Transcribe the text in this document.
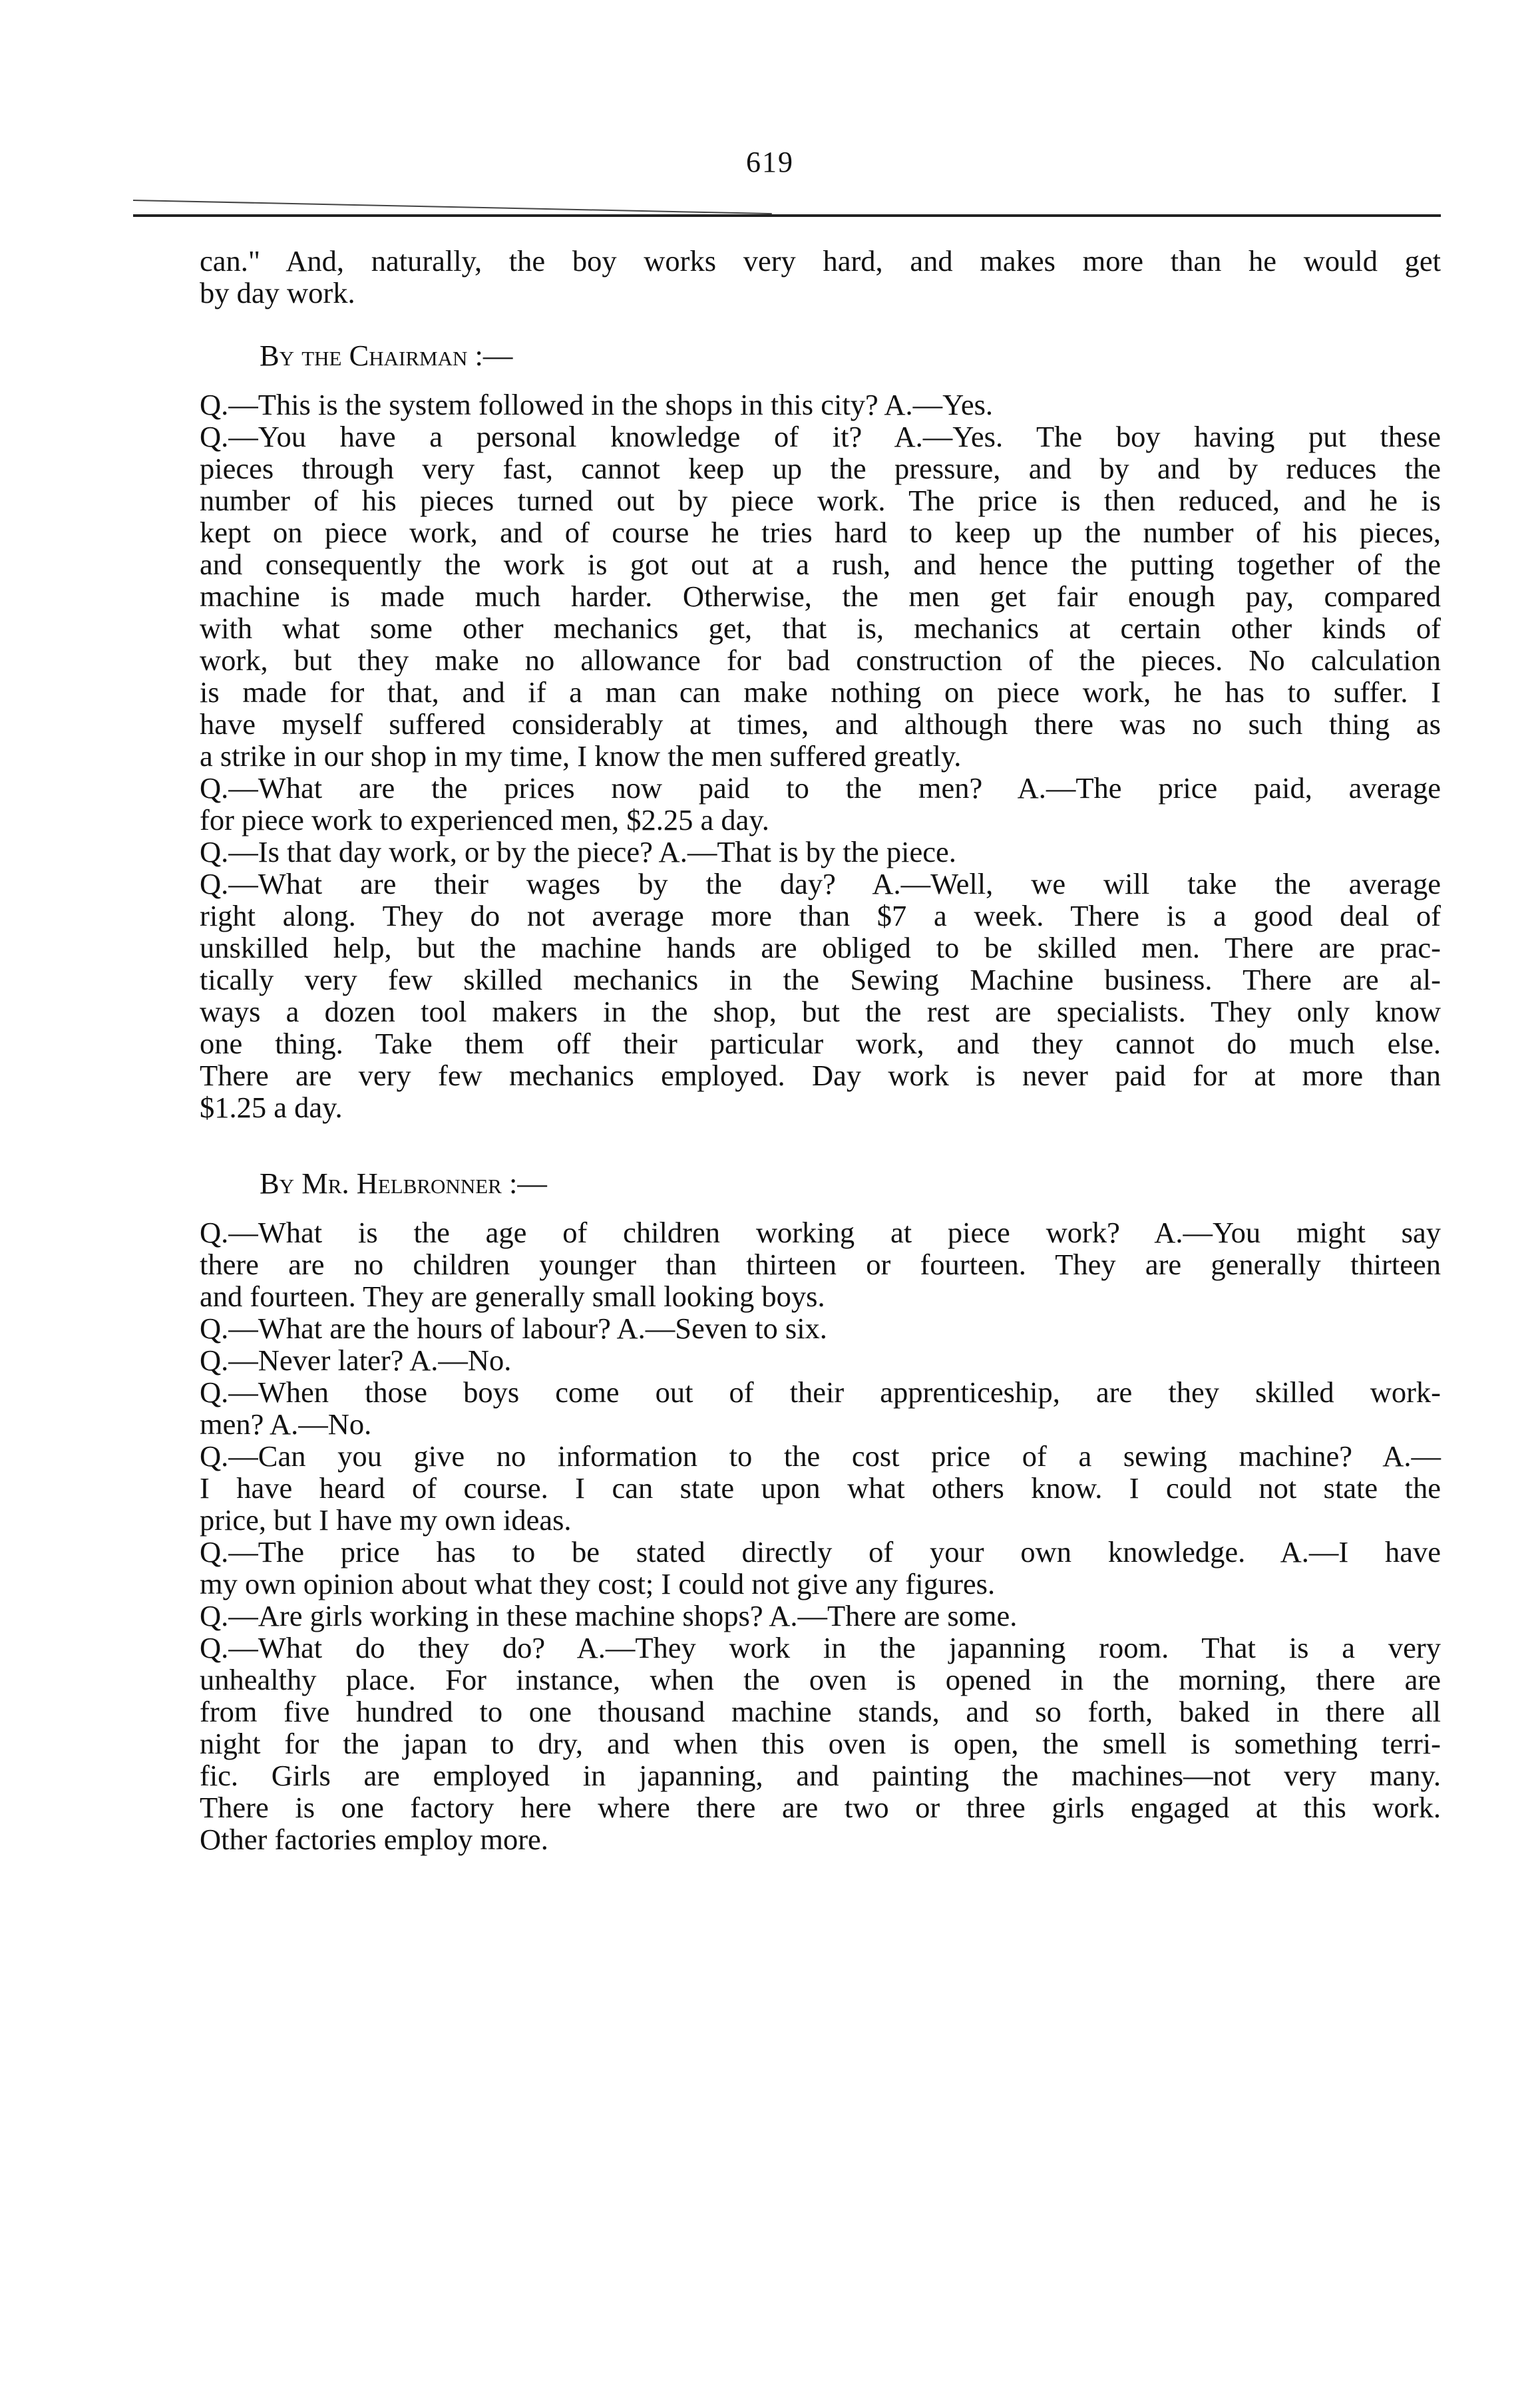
619
can." And, naturally, the boy works very hard, and makes more than he would get
by day work.
By the Chairman :—
Q.—This is the system followed in the shops in this city? A.—Yes.
Q.—You have a personal knowledge of it? A.—Yes. The boy having put these
pieces through very fast, cannot keep up the pressure, and by and by reduces the
number of his pieces turned out by piece work. The price is then reduced, and he is
kept on piece work, and of course he tries hard to keep up the number of his pieces,
and consequently the work is got out at a rush, and hence the putting together of the
machine is made much harder. Otherwise, the men get fair enough pay, compared
with what some other mechanics get, that is, mechanics at certain other kinds of
work, but they make no allowance for bad construction of the pieces. No calculation
is made for that, and if a man can make nothing on piece work, he has to suffer. I
have myself suffered considerably at times, and although there was no such thing as
a strike in our shop in my time, I know the men suffered greatly.
Q.—What are the prices now paid to the men? A.—The price paid, average
for piece work to experienced men, $2.25 a day.
Q.—Is that day work, or by the piece? A.—That is by the piece.
Q.—What are their wages by the day? A.—Well, we will take the average
right along. They do not average more than $7 a week. There is a good deal of
unskilled help, but the machine hands are obliged to be skilled men. There are prac-
tically very few skilled mechanics in the Sewing Machine business. There are al-
ways a dozen tool makers in the shop, but the rest are specialists. They only know
one thing. Take them off their particular work, and they cannot do much else.
There are very few mechanics employed. Day work is never paid for at more than
$1.25 a day.
By Mr. Helbronner :—
Q.—What is the age of children working at piece work? A.—You might say
there are no children younger than thirteen or fourteen. They are generally thirteen
and fourteen. They are generally small looking boys.
Q.—What are the hours of labour? A.—Seven to six.
Q.—Never later? A.—No.
Q.—When those boys come out of their apprenticeship, are they skilled work-
men? A.—No.
Q.—Can you give no information to the cost price of a sewing machine? A.—
I have heard of course. I can state upon what others know. I could not state the
price, but I have my own ideas.
Q.—The price has to be stated directly of your own knowledge. A.—I have
my own opinion about what they cost; I could not give any figures.
Q.—Are girls working in these machine shops? A.—There are some.
Q.—What do they do? A.—They work in the japanning room. That is a very
unhealthy place. For instance, when the oven is opened in the morning, there are
from five hundred to one thousand machine stands, and so forth, baked in there all
night for the japan to dry, and when this oven is open, the smell is something terri-
fic. Girls are employed in japanning, and painting the machines—not very many.
There is one factory here where there are two or three girls engaged at this work.
Other factories employ more.
